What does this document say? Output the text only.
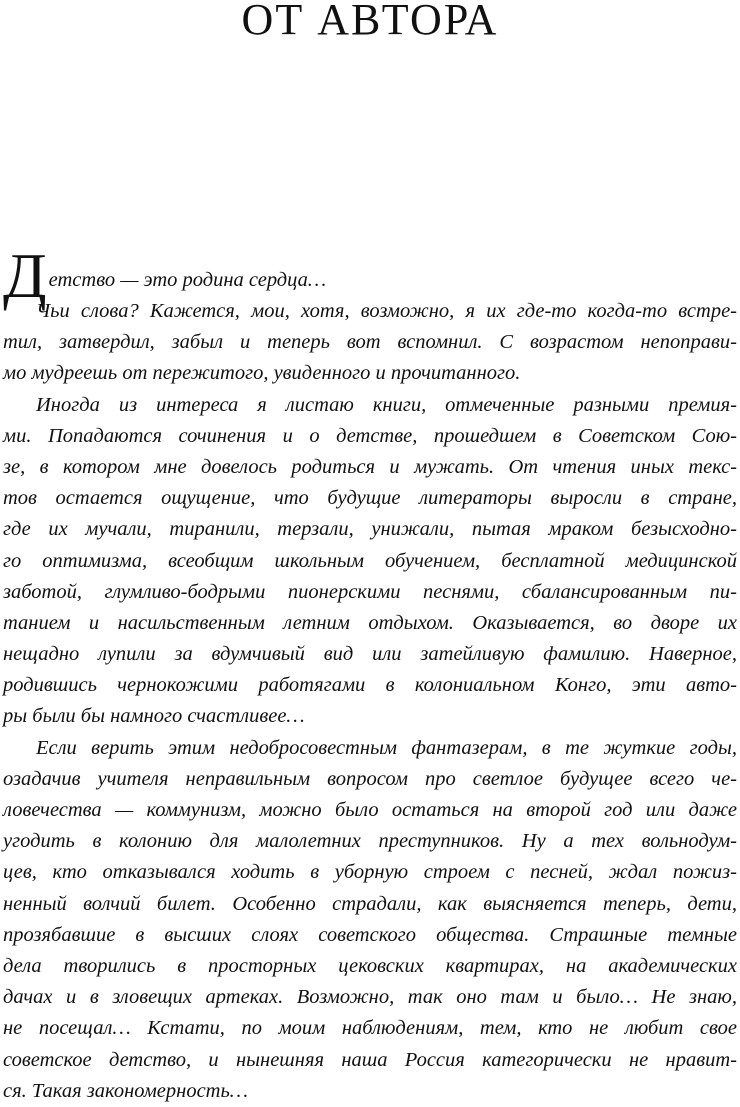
ОТ АВТОРА
Д етство — это родина сердца…
Чьи слова? Кажется, мои, хотя, возможно, я их где-то когда-то встре-
тил, затвердил, забыл и теперь вот вспомнил. С возрастом непоправи-
мо мудреешь от пережитого, увиденного и прочитанного.
Иногда из интереса я листаю книги, отмеченные разными премия-
ми. Попадаются сочинения и о детстве, прошедшем в Советском Сою-
зе, в котором мне довелось родиться и мужать. От чтения иных текс-
тов остается ощущение, что будущие литераторы выросли в стране,
где их мучали, тиранили, терзали, унижали, пытая мраком безысходно-
го оптимизма, всеобщим школьным обучением, бесплатной медицинской
заботой, глумливо-бодрыми пионерскими песнями, сбалансированным пи-
танием и насильственным летним отдыхом. Оказывается, во дворе их
нещадно лупили за вдумчивый вид или затейливую фамилию. Наверное,
родившись чернокожими работягами в колониальном Конго, эти авто-
ры были бы намного счастливее…
Если верить этим недобросовестным фантазерам, в те жуткие годы,
озадачив учителя неправильным вопросом про светлое будущее всего че-
ловечества — коммунизм, можно было остаться на второй год или даже
угодить в колонию для малолетних преступников. Ну а тех вольнодум-
цев, кто отказывался ходить в уборную строем с песней, ждал пожиз-
ненный волчий билет. Особенно страдали, как выясняется теперь, дети,
прозябавшие в высших слоях советского общества. Страшные темные
дела творились в просторных цековских квартирах, на академических
дачах и в зловещих артеках. Возможно, так оно там и было… Не знаю,
не посещал… Кстати, по моим наблюдениям, тем, кто не любит свое
советское детство, и нынешняя наша Россия категорически не нравит-
ся. Такая закономерность…
